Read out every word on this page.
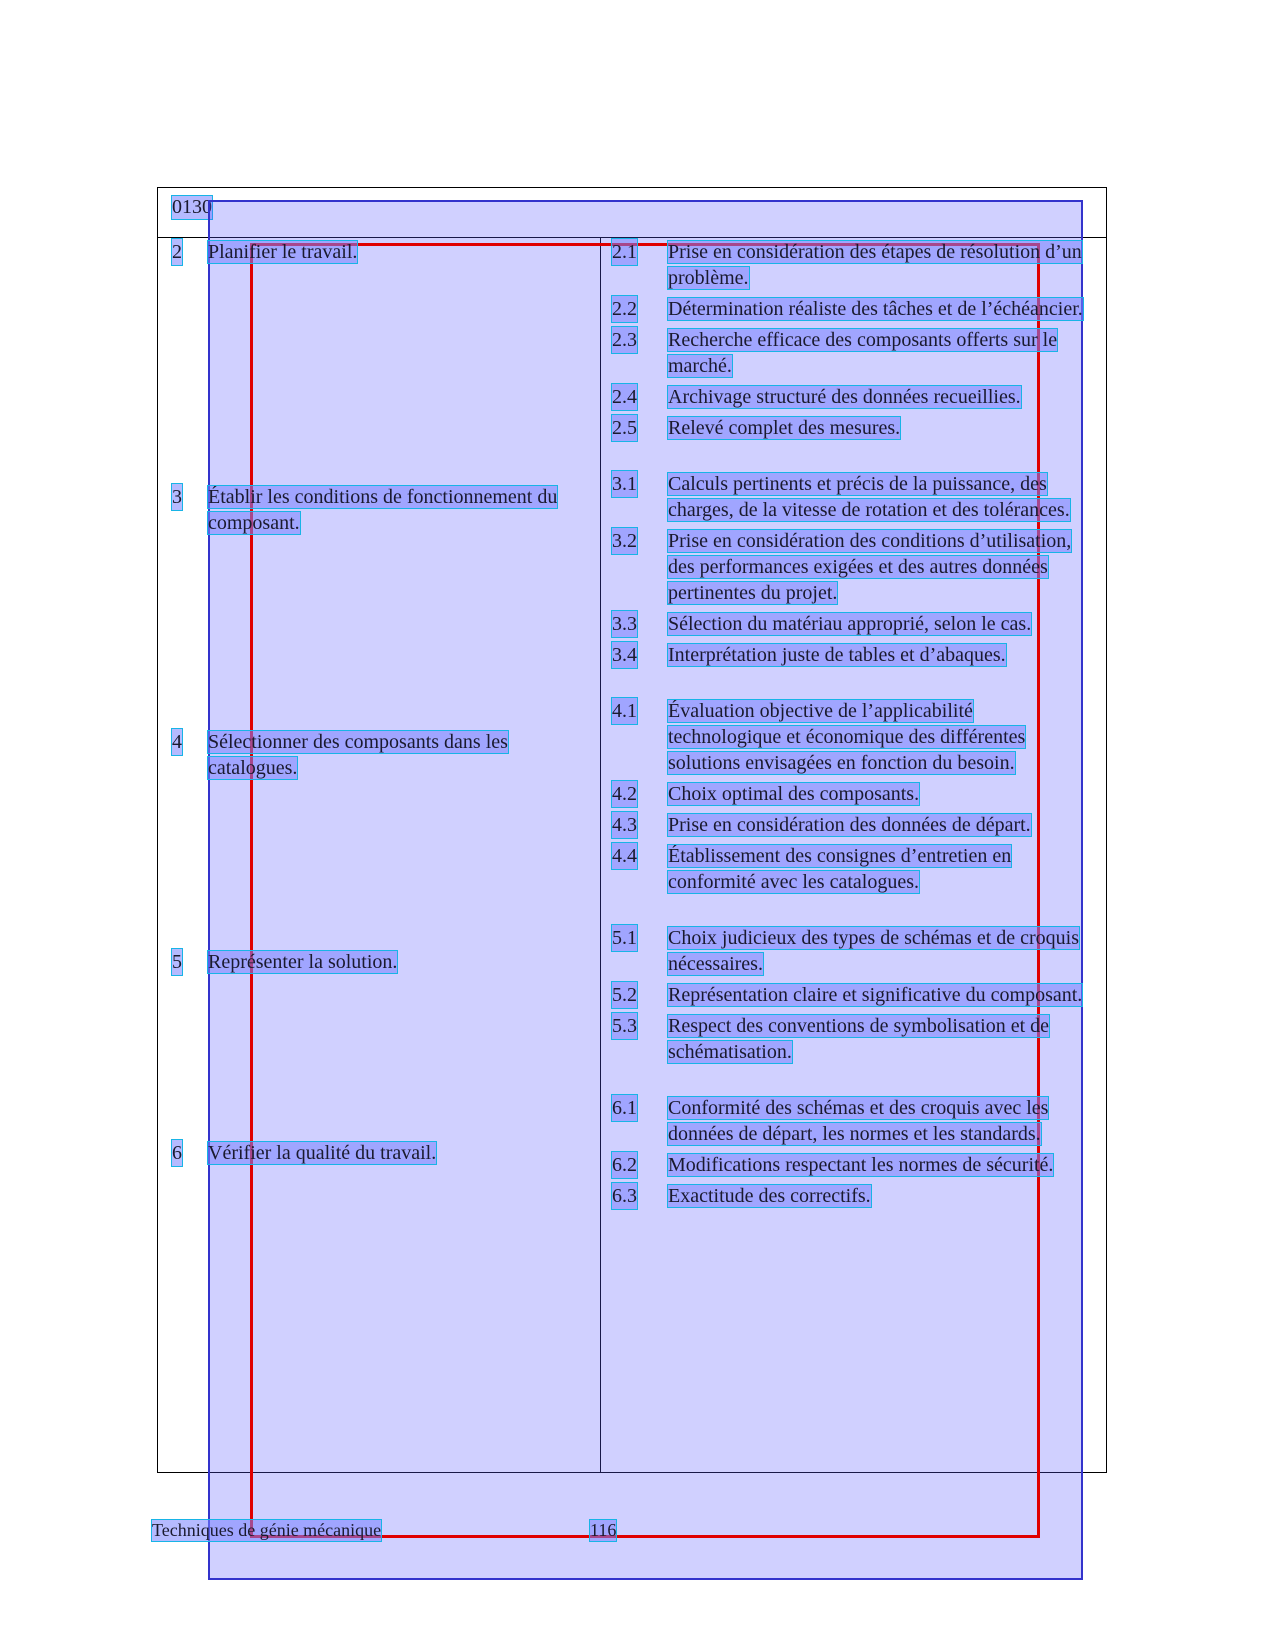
0130
2 Planifier le travail.
3 Établir les conditions de fonctionnement du composant.
4 Sélectionner des composants dans les catalogues.
5 Représenter la solution.
6 Vérifier la qualité du travail.
2.1 Prise en considération des étapes de résolution d’un problème.
2.2 Détermination réaliste des tâches et de l’échéancier.
2.3 Recherche efficace des composants offerts sur le marché.
2.4 Archivage structuré des données recueillies.
2.5 Relevé complet des mesures.
3.1 Calculs pertinents et précis de la puissance, des charges, de la vitesse de rotation et des tolérances.
3.2 Prise en considération des conditions d’utilisation, des performances exigées et des autres données pertinentes du projet.
3.3 Sélection du matériau approprié, selon le cas.
3.4 Interprétation juste de tables et d’abaques.
4.1 Évaluation objective de l’applicabilité technologique et économique des différentes solutions envisagées en fonction du besoin.
4.2 Choix optimal des composants.
4.3 Prise en considération des données de départ.
4.4 Établissement des consignes d’entretien en conformité avec les catalogues.
5.1 Choix judicieux des types de schémas et de croquis nécessaires.
5.2 Représentation claire et significative du composant.
5.3 Respect des conventions de symbolisation et de schématisation.
6.1 Conformité des schémas et des croquis avec les données de départ, les normes et les standards.
6.2 Modifications respectant les normes de sécurité.
6.3 Exactitude des correctifs.
Techniques de génie mécanique	116
